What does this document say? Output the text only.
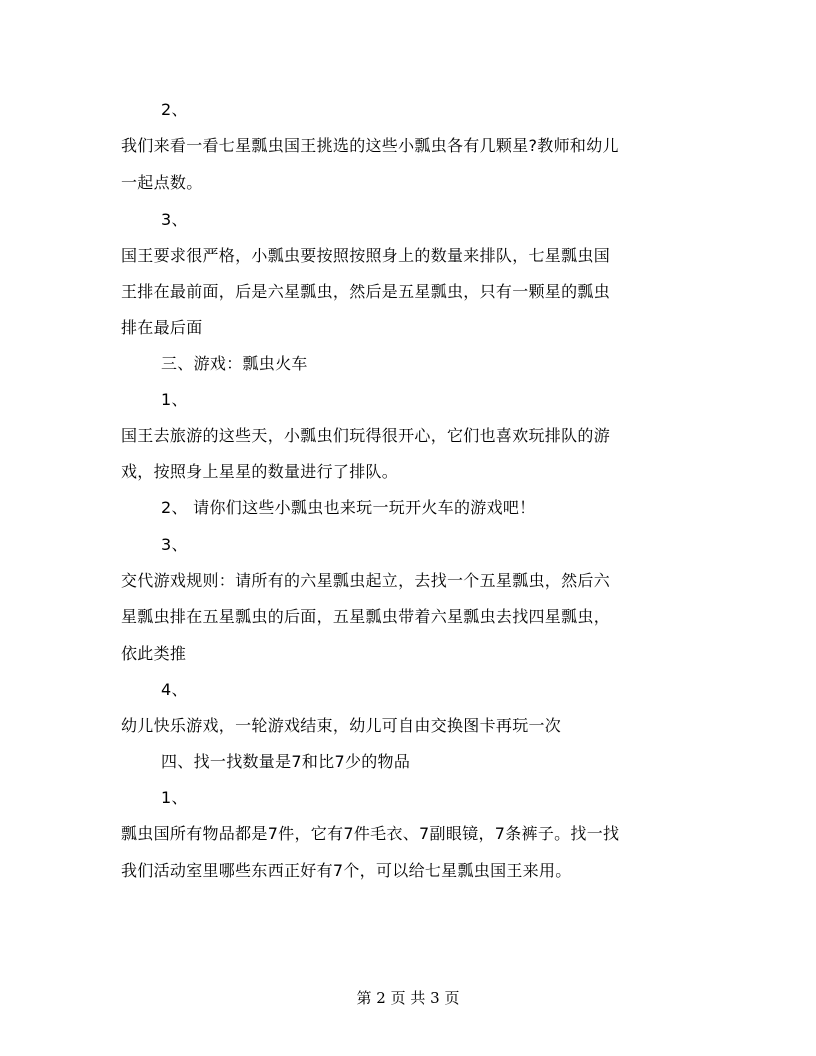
2、
我们来看一看七星瓢虫国王挑选的这些小瓢虫各有几颗星?教师和幼儿
一起点数。
3、
国王要求很严格，小瓢虫要按照按照身上的数量来排队，七星瓢虫国
王排在最前面，后是六星瓢虫，然后是五星瓢虫，只有一颗星的瓢虫
排在最后面
三、游戏：瓢虫火车
1、
国王去旅游的这些天，小瓢虫们玩得很开心，它们也喜欢玩排队的游
戏，按照身上星星的数量进行了排队。
2、 请你们这些小瓢虫也来玩一玩开火车的游戏吧！
3、
交代游戏规则：请所有的六星瓢虫起立，去找一个五星瓢虫，然后六
星瓢虫排在五星瓢虫的后面，五星瓢虫带着六星瓢虫去找四星瓢虫，
依此类推
4、
幼儿快乐游戏，一轮游戏结束，幼儿可自由交换图卡再玩一次
四、找一找数量是7和比7少的物品
1、
瓢虫国所有物品都是7件，它有7件毛衣、7副眼镜，7条裤子。找一找
我们活动室里哪些东西正好有7个，可以给七星瓢虫国王来用。
第 2 页 共 3 页
